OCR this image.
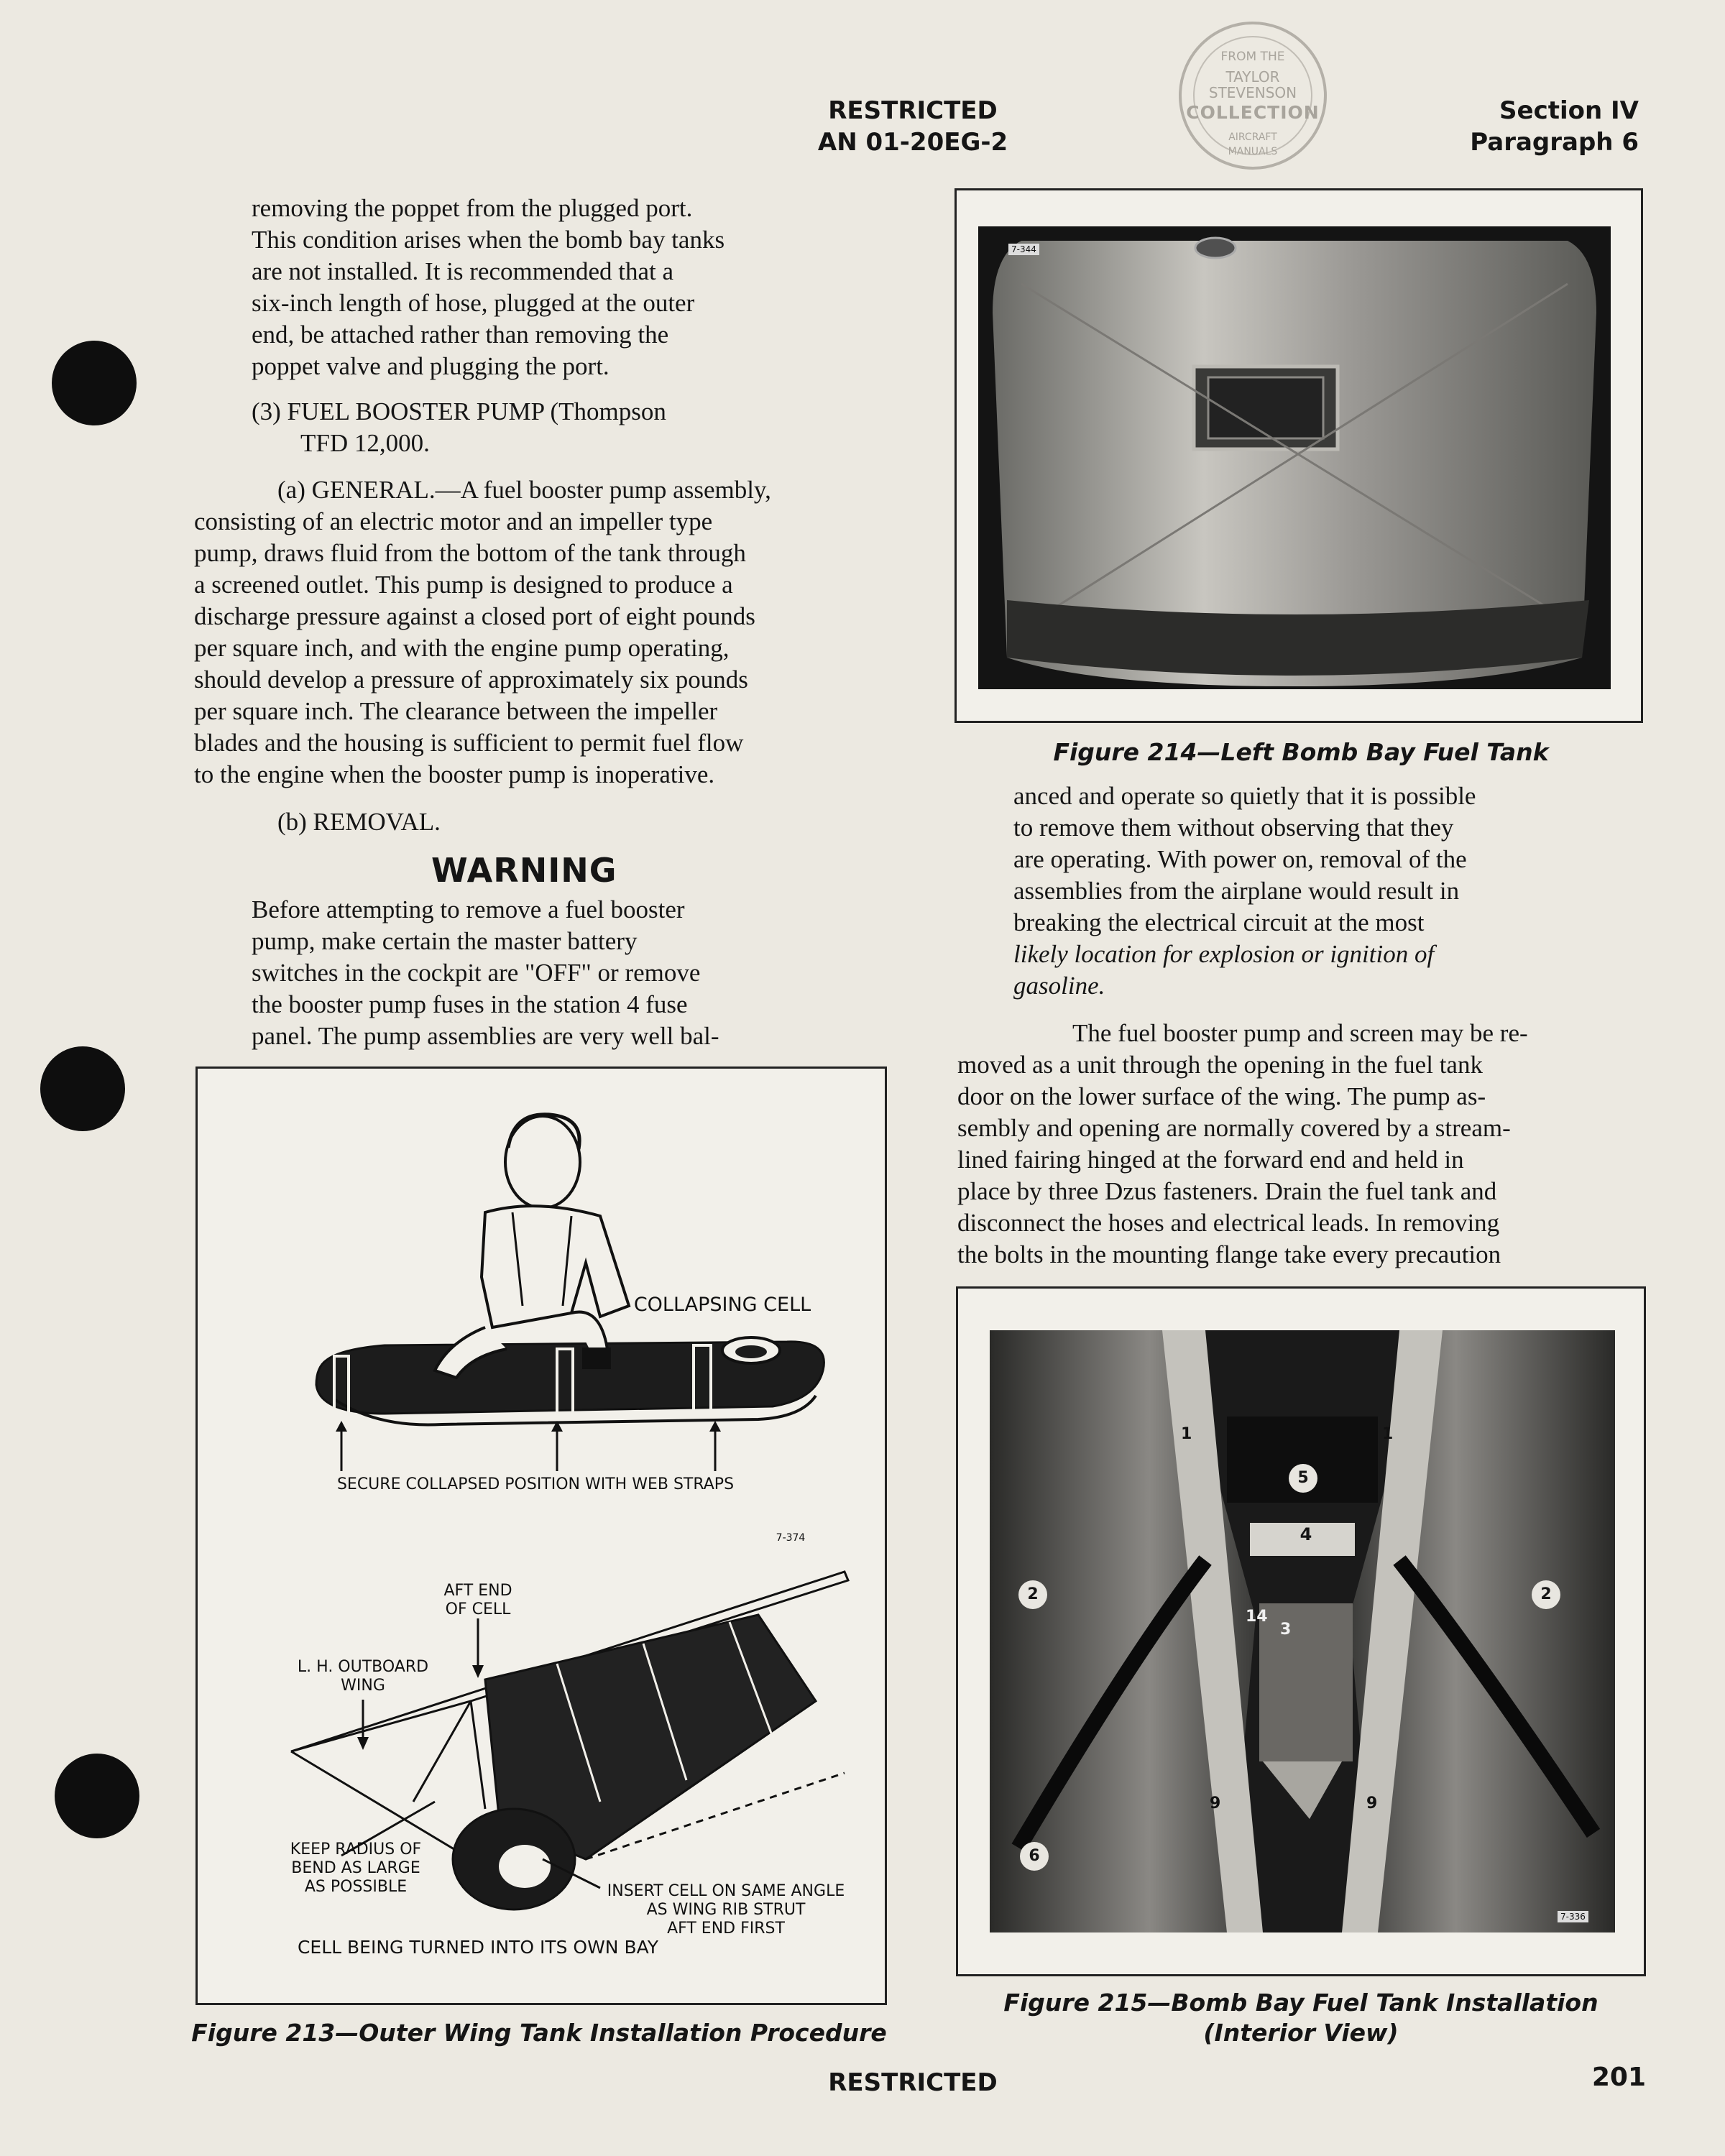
RESTRICTED
AN 01-20EG-2
Section IV
Paragraph 6
FROM THE
TAYLOR
STEVENSON
COLLECTION
AIRCRAFT
MANUALS
removing the poppet from the plugged port.
This condition arises when the bomb bay tanks
are not installed. It is recommended that a
six-inch length of hose, plugged at the outer
end, be attached rather than removing the
poppet valve and plugging the port.
(3) FUEL BOOSTER PUMP (Thompson
TFD 12,000.
(a) GENERAL.—A fuel booster pump assembly,
consisting of an electric motor and an impeller type
pump, draws fluid from the bottom of the tank through
a screened outlet. This pump is designed to produce a
discharge pressure against a closed port of eight pounds
per square inch, and with the engine pump operating,
should develop a pressure of approximately six pounds
per square inch. The clearance between the impeller
blades and the housing is sufficient to permit fuel flow
to the engine when the booster pump is inoperative.
(b) REMOVAL.
WARNING
Before attempting to remove a fuel booster
pump, make certain the master battery
switches in the cockpit are "OFF" or remove
the booster pump fuses in the station 4 fuse
panel. The pump assemblies are very well bal-
COLLAPSING CELL
SECURE COLLAPSED POSITION WITH WEB STRAPS
7-374
AFT END
OF CELL
L. H. OUTBOARD
WING
KEEP RADIUS OF
BEND AS LARGE
AS POSSIBLE	INSERT CELL ON SAME ANGLE
AS WING RIB STRUT
AFT END FIRST
CELL BEING TURNED INTO ITS OWN BAY
Figure 213—Outer Wing Tank Installation Procedure
7-344
Figure 214—Left Bomb Bay Fuel Tank
anced and operate so quietly that it is possible
to remove them without observing that they
are operating. With power on, removal of the
assemblies from the airplane would result in
breaking the electrical circuit at the most
likely location for explosion or ignition of
gasoline.
The fuel booster pump and screen may be re-
moved as a unit through the opening in the fuel tank
door on the lower surface of the wing. The pump as-
sembly and opening are normally covered by a stream-
lined fairing hinged at the forward end and held in
place by three Dzus fasteners. Drain the fuel tank and
disconnect the hoses and electrical leads. In removing
the bolts in the mounting flange take every precaution
7-336
1	1
5
4
2	2
14
3
9	9
6
Figure 215—Bomb Bay Fuel Tank Installation
(Interior View)
RESTRICTED	201
